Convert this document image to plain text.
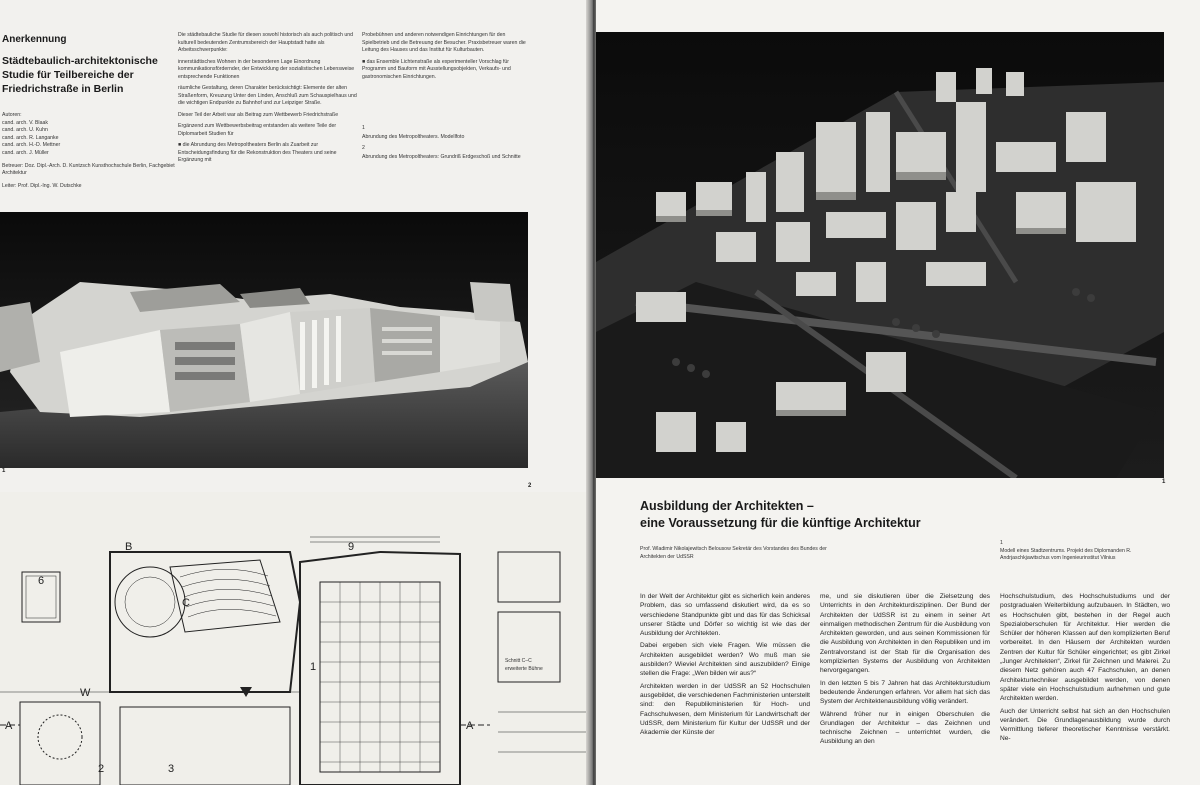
Anerkennung
Städtebaulich-architektonische Studie für Teilbereiche der Friedrichstraße in Berlin
Autoren:
cand. arch. V. Blaak
cand. arch. U. Kuhn
cand. arch. R. Langanke
cand. arch. H.-D. Mettner
cand. arch. J. Müller
Betreuer: Doz. Dipl.-Arch. D. Kuntzsch Kunsthochschule Berlin, Fachgebiet Architektur
Leiter: Prof. Dipl.-Ing. W. Dutschke

Die städtebauliche Studie für diesen sowohl historisch als auch politisch und kulturell bedeutenden Zentrumsbereich der Hauptstadt hatte als Arbeitsschwerpunkte:

innerstädtisches Wohnen in der besonderen Lage Einordnung kommunikationsfördernder, der Entwicklung der sozialistischen Lebensweise entsprechende Funktionen

räumliche Gestaltung, deren Charakter berücksichtigt: Elemente der alten Straßenform, Kreuzung Unter den Linden, Anschluß zum Schauspielhaus und die wichtigen Endpunkte zu Bahnhof und zur Leipziger Straße.

Dieser Teil der Arbeit war als Beitrag zum Wettbewerb Friedrichstraße

Ergänzend zum Wettbewerbsbeitrag entstanden als weitere Teile der Diplomarbeit Studien für

■ die Abrundung des Metropoltheaters Berlin als Zuarbeit zur Entscheidungsfindung für die Rekonstruktion des Theaters und seine Ergänzung mit

Probebühnen und anderen notwendigen Einrichtungen für den Spielbetrieb und die Betreuung der Besucher. Praxisbetreuer waren die Leitung des Hauses und das Institut für Kulturbauten.

■ das Ensemble Lichtenstraße als experimenteller Vorschlag für Programm und Bauform mit Ausstellungsobjekten, Verkaufs- und gastronomischen Einrichtungen.

1

Abrundung des Metropoltheaters. Modellfoto

2

Abrundung des Metropoltheaters: Grundriß Erdgeschoß und Schnitte

1
2
B
C
6
9
1
W
A	A
2	3
Schnitt C–C
erweiterte Bühne
1
Ausbildung der Architekten –
eine Voraussetzung für die künftige Architektur
Prof. Wladimir Nikolajewitsch Belousow Sekretär des Vorstandes des Bundes der Architekten der UdSSR
1
Modell eines Stadtzentrums. Projekt des Diplomanden R. Andrjaschkjawitschus vom Ingenieurinstitut Vilnius

In der Welt der Architektur gibt es sicherlich kein anderes Problem, das so umfassend diskutiert wird, da es so verschiedene Standpunkte gibt und das für das Schicksal unserer Städte und Dörfer so wichtig ist wie das der Ausbildung der Architekten.

Dabei ergeben sich viele Fragen. Wie müssen die Architekten ausgebildet werden? Wo muß man sie ausbilden? Wieviel Architekten sind auszubilden? Einige stellen die Frage: „Wen bilden wir aus?“

Architekten werden in der UdSSR an 52 Hochschulen ausgebildet, die verschiedenen Fachministerien unterstellt sind: den Republikministerien für Hoch- und Fachschulwesen, dem Ministerium für Landwirtschaft der UdSSR, dem Ministerium für Kultur der UdSSR und der Akademie der Künste der

me, und sie diskutieren über die Zielsetzung des Unterrichts in den Architekturdisziplinen. Der Bund der Architekten der UdSSR ist zu einem in seiner Art einmaligen methodischen Zentrum für die Ausbildung von Architekten geworden, und aus seinen Kommissionen für die Ausbildung von Architekten in den Republiken und im Zentralvorstand ist der Stab für die Organisation des komplizierten Systems der Ausbildung von Architekten hervorgegangen.

In den letzten 5 bis 7 Jahren hat das Architekturstudium bedeutende Änderungen erfahren. Vor allem hat sich das System der Architektenausbildung völlig verändert.

Während früher nur in einigen Oberschulen die Grundlagen der Architektur – das Zeichnen und technische Zeichnen – unterrichtet wurden, die Ausbildung an den

Hochschulstudium, des Hochschulstudiums und der postgradualen Weiterbildung aufzubauen. In Städten, wo es Hochschulen gibt, bestehen in der Regel auch Spezialoberschulen für Architektur. Hier werden die Schüler der höheren Klassen auf den komplizierten Beruf vorbereitet. In den Häusern der Architekten wurden Zentren der Kultur für Schüler eingerichtet; es gibt Zirkel „Junger Architekten“, Zirkel für Zeichnen und Malerei. Zu diesem Netz gehören auch 47 Fachschulen, an denen Architekturtechniker ausgebildet werden, von denen später viele ein Hochschulstudium aufnehmen und gute Architekten werden.

Auch der Unterricht selbst hat sich an den Hochschulen verändert. Die Grundlagenausbildung wurde durch Vermittlung tieferer theoretischer Kenntnisse verstärkt. Ne-
